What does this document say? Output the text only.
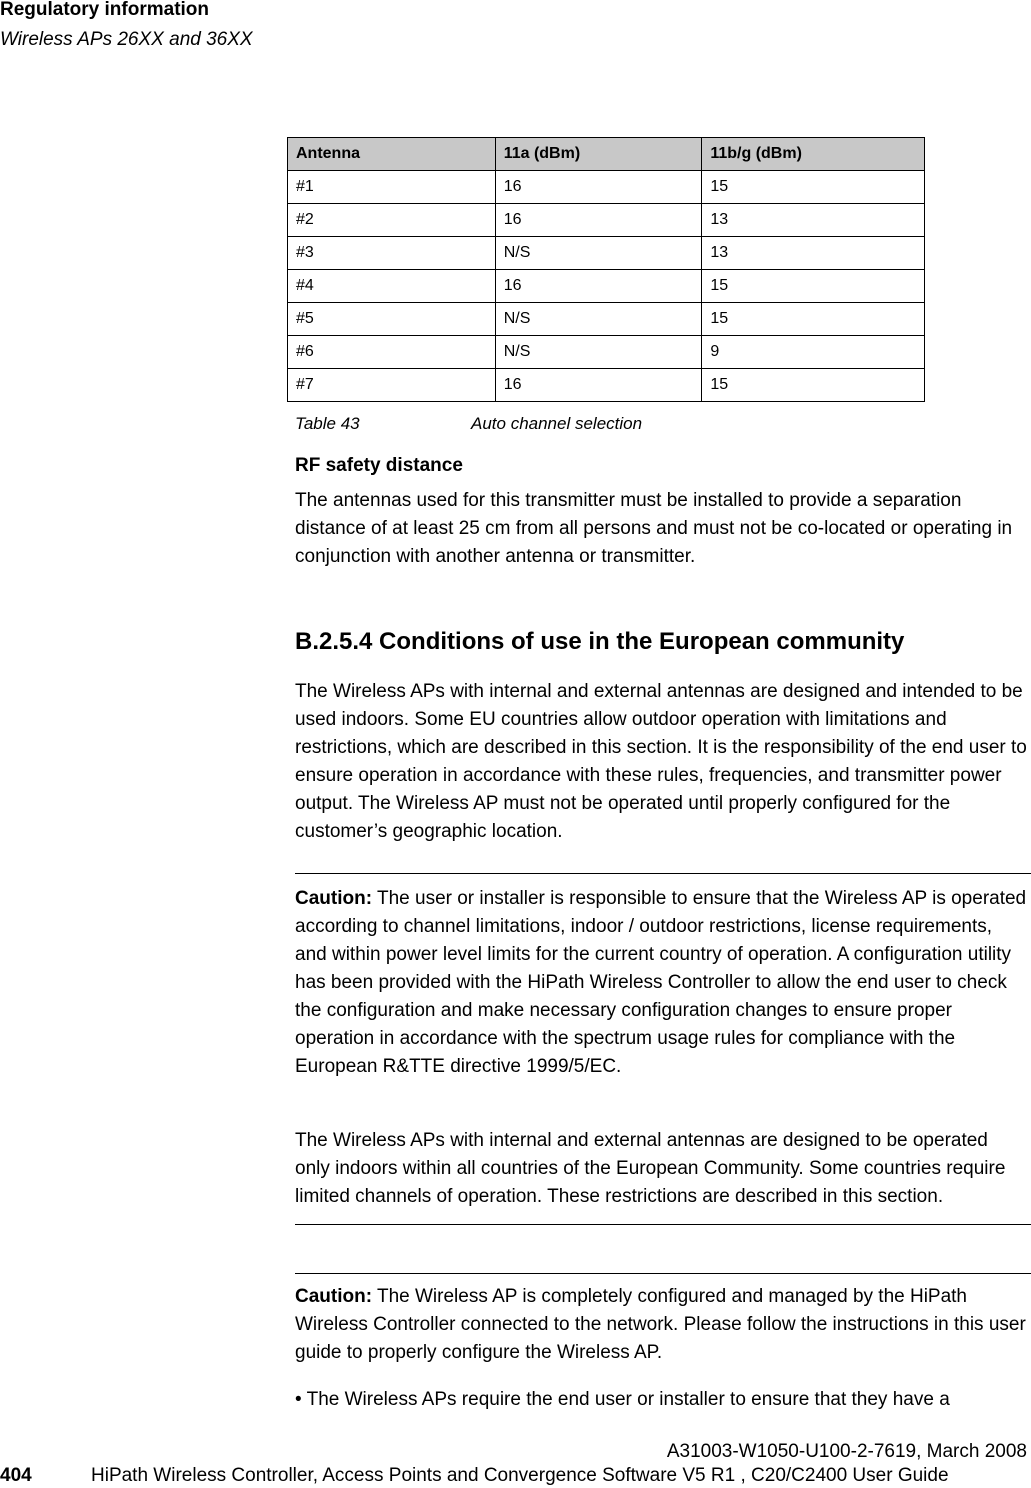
Regulatory information
Wireless APs 26XX and 36XX
Antenna	11a (dBm)	11b/g (dBm)
#1	16	15
#2	16	13
#3	N/S	13
#4	16	15
#5	N/S	15
#6	N/S	9
#7	16	15
Table 43	Auto channel selection
RF safety distance
The antennas used for this transmitter must be installed to provide a separation distance of at least 25 cm from all persons and must not be co-located or operating in conjunction with another antenna or transmitter.
B.2.5.4 Conditions of use in the European community
The Wireless APs with internal and external antennas are designed and intended to be used indoors. Some EU countries allow outdoor operation with limitations and restrictions, which are described in this section. It is the responsibility of the end user to ensure operation in accordance with these rules, frequencies, and transmitter power output. The Wireless AP must not be operated until properly configured for the customer’s geographic location.
Caution: The user or installer is responsible to ensure that the Wireless AP is operated according to channel limitations, indoor / outdoor restrictions, license requirements, and within power level limits for the current country of operation. A configuration utility has been provided with the HiPath Wireless Controller to allow the end user to check the configuration and make necessary configuration changes to ensure proper operation in accordance with the spectrum usage rules for compliance with the European R&TTE directive 1999/5/EC.
The Wireless APs with internal and external antennas are designed to be operated only indoors within all countries of the European Community. Some countries require limited channels of operation. These restrictions are described in this section.
Caution: The Wireless AP is completely configured and managed by the HiPath Wireless Controller connected to the network. Please follow the instructions in this user guide to properly configure the Wireless AP.
• The Wireless APs require the end user or installer to ensure that they have a
A31003-W1050-U100-2-7619, March 2008
404	HiPath Wireless Controller, Access Points and Convergence Software V5 R1 , C20/C2400 User Guide
